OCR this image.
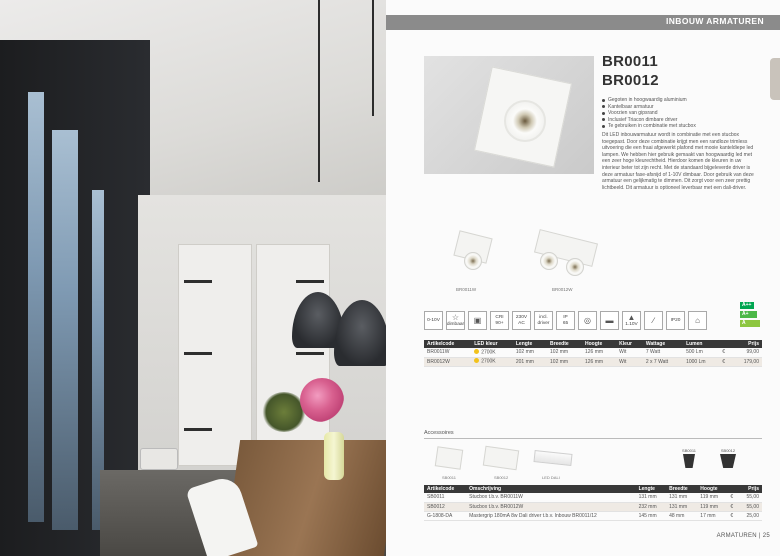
INBOUW ARMATUREN
BR0011
BR0012
Gegoten in hoogwaardig aluminium
Kantelbaar armatuur
Voorzien van gipsrand
Inclusief Triacon dimbare driver
Te gebruiken in combinatie met stucbox

Dit LED inbouwarmatuur wordt in combinatie met een stucbox toegepast. Door deze combinatie krijgt men een randloze trimless uitvoering die een fraai afgewerkt plafond met mooie kanteldiepe led lampen. We hebben hier gebruik gemaakt van hoogwaardig led met een zeer hoge kleurechtheid. Hierdoor komen de kleuren in uw interieur beter tot zijn recht. Met de standaard bijgeleverde driver is deze armatuur fase-afsnijd of 1-10V dimbaar. Door gebruik van deze armatuur een gelijkmatig te dimmen. Dit zorgt voor een zeer prettig lichtbeeld. Dit armatuur is optioneel leverbaar met een dali-driver.

BR0011W	BR0012W
A++
A+
A
0-10V ☆
dimbaar ▣	CRI
90+
230V
AC
incl.
driver
IP
65 ◎ ▬ ▲
1.10V ∕	IP20 ⌂
Artikelcode	LED kleur	Lengte	Breedte	Hoogte	Kleur	Wattage	Lumen	Prijs	
BR0011W	2700K	102 mm	102 mm	126 mm	Wit	7 Watt	500 Lm	€	99,00
BR0012W	2700K	201 mm	102 mm	126 mm	Wit	2 x 7 Watt	1000 Lm	€	179,00
Accessoires
SB0011	SB0012	LED DALI
SB0011	SB0012
Artikelcode	Omschrijving	Lengte	Breedte	Hoogte	Prijs	
SB0011	Stucbox t.b.v. BR0011W	131 mm	131 mm	119 mm	€	55,00
SB0012	Stucbox t.b.v. BR0012W	232 mm	131 mm	119 mm	€	55,00
G-1808-DA	Mastergrip 180mA 8w Dali driver t.b.v. Inbouw BR0011/12	145 mm	48 mm	17 mm	€	25,00
ARMATUREN | 25
